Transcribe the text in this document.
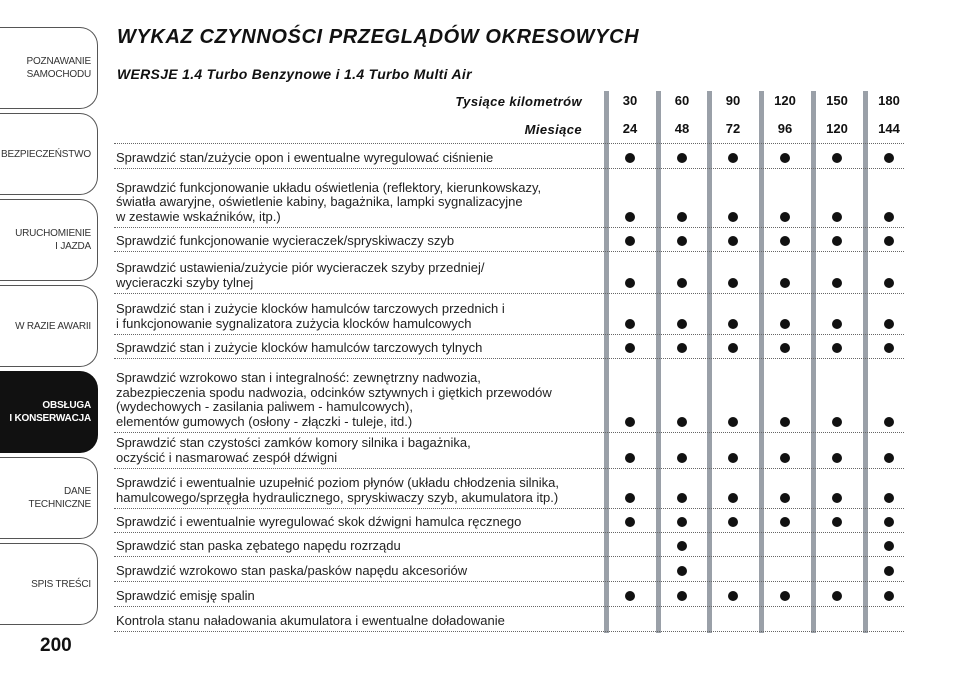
POZNAWANIE
SAMOCHODU
BEZPIECZEŃSTWO
URUCHOMIENIE
I JAZDA
W RAZIE AWARII
OBSŁUGA
I KONSERWACJA
DANE
TECHNICZNE
SPIS TREŚCI
200
WYKAZ CZYNNOŚCI PRZEGLĄDÓW OKRESOWYCH
WERSJE 1.4 Turbo Benzynowe i 1.4 Turbo Multi Air
Tysiące kilometrów
Miesiące
30
24
60
48
90
72
120
96
150
120
180
144
Sprawdzić stan/zużycie opon i ewentualne wyregulować ciśnienie
Sprawdzić funkcjonowanie układu oświetlenia (reflektory, kierunkowskazy,
światła awaryjne, oświetlenie kabiny, bagażnika, lampki sygnalizacyjne
w zestawie wskaźników, itp.)
Sprawdzić funkcjonowanie wycieraczek/spryskiwaczy szyb
Sprawdzić ustawienia/zużycie piór wycieraczek szyby przedniej/
wycieraczki szyby tylnej
Sprawdzić stan i zużycie klocków hamulców tarczowych przednich i
i funkcjonowanie sygnalizatora zużycia klocków hamulcowych
Sprawdzić stan i zużycie klocków hamulców tarczowych tylnych
Sprawdzić wzrokowo stan i integralność: zewnętrzny nadwozia,
zabezpieczenia spodu nadwozia, odcinków sztywnych i giętkich przewodów
(wydechowych - zasilania paliwem - hamulcowych),
elementów gumowych (osłony - złączki - tuleje, itd.)
Sprawdzić stan czystości zamków komory silnika i bagażnika,
oczyścić i nasmarować zespół dźwigni
Sprawdzić i ewentualnie uzupełnić poziom płynów (układu chłodzenia silnika,
hamulcowego/sprzęgła hydraulicznego, spryskiwaczy szyb, akumulatora itp.)
Sprawdzić i ewentualnie wyregulować skok dźwigni hamulca ręcznego
Sprawdzić stan paska zębatego napędu rozrządu
Sprawdzić wzrokowo stan paska/pasków napędu akcesoriów
Sprawdzić emisję spalin
Kontrola stanu naładowania akumulatora i ewentualne doładowanie
